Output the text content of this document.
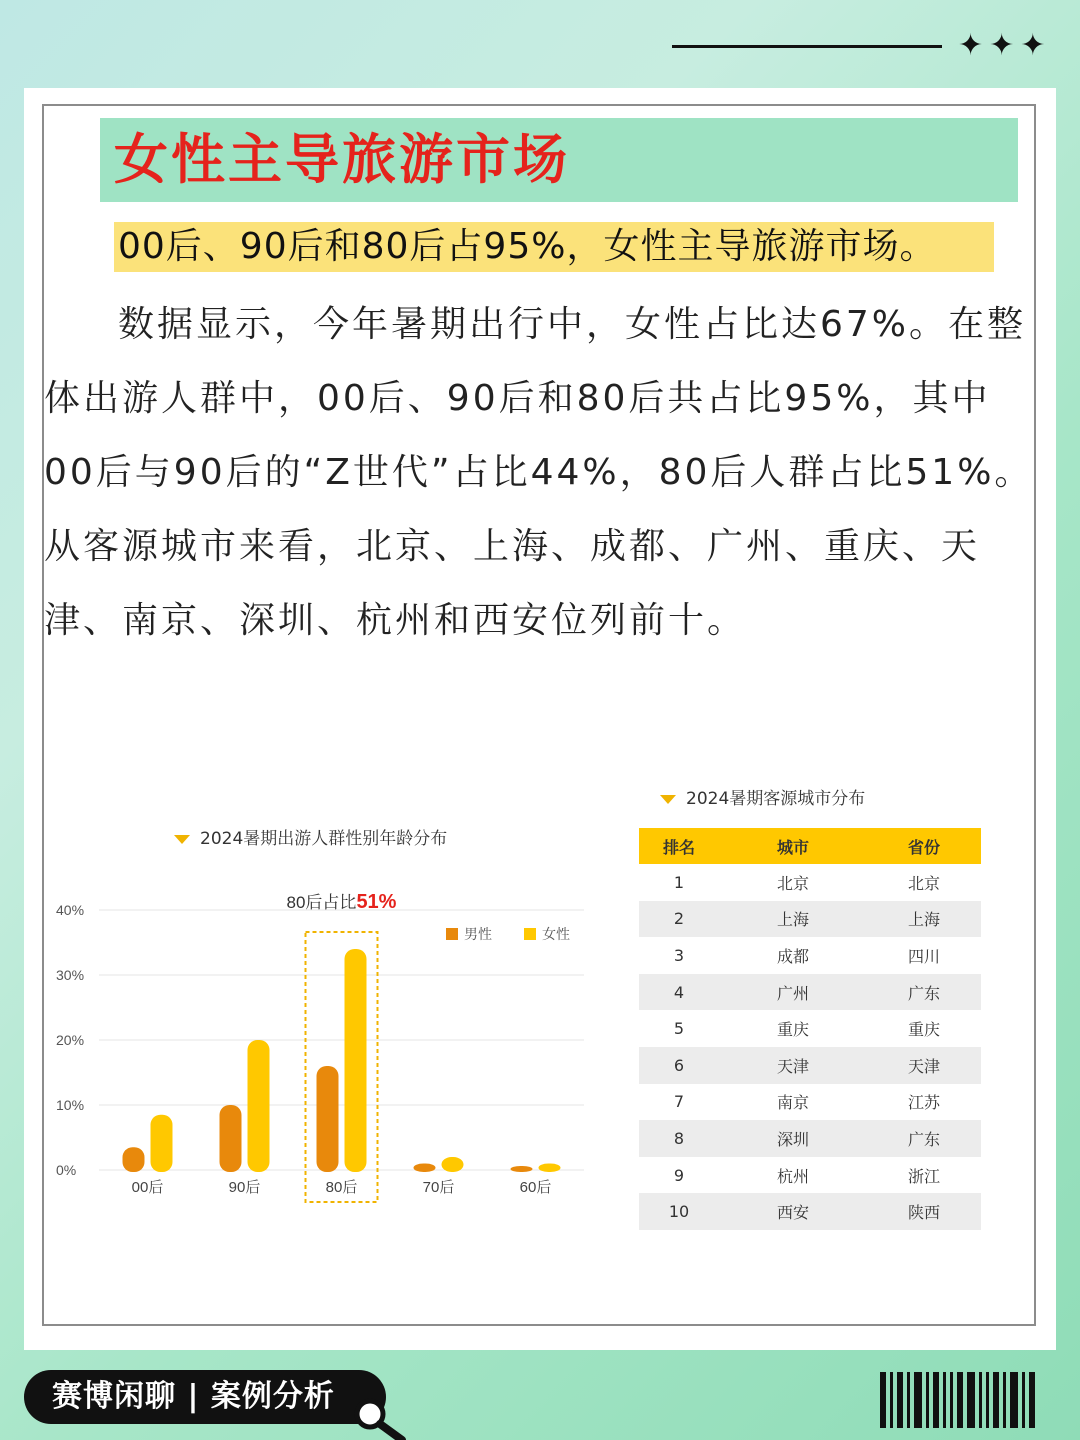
✦✦✦
女性主导旅游市场
00后、90后和80后占95%，女性主导旅游市场。

数据显示，今年暑期出行中，女性占比达67%。在整体出游人群中，00后、90后和80后共占比95%，其中00后与90后的“Z世代”占比44%，80后人群占比51%。从客源城市来看，北京、上海、成都、广州、重庆、天津、南京、深圳、杭州和西安位列前十。

2024暑期出游人群性别年龄分布
0%
10%
20%
30%
40%
00后	90后	80后	70后	60后
80后占比51%
男性	女性
2024暑期客源城市分布
排名	城市	省份
1	北京	北京
2	上海	上海
3	成都	四川
4	广州	广东
5	重庆	重庆
6	天津	天津
7	南京	江苏
8	深圳	广东
9	杭州	浙江
10	西安	陕西
赛博闲聊 | 案例分析
